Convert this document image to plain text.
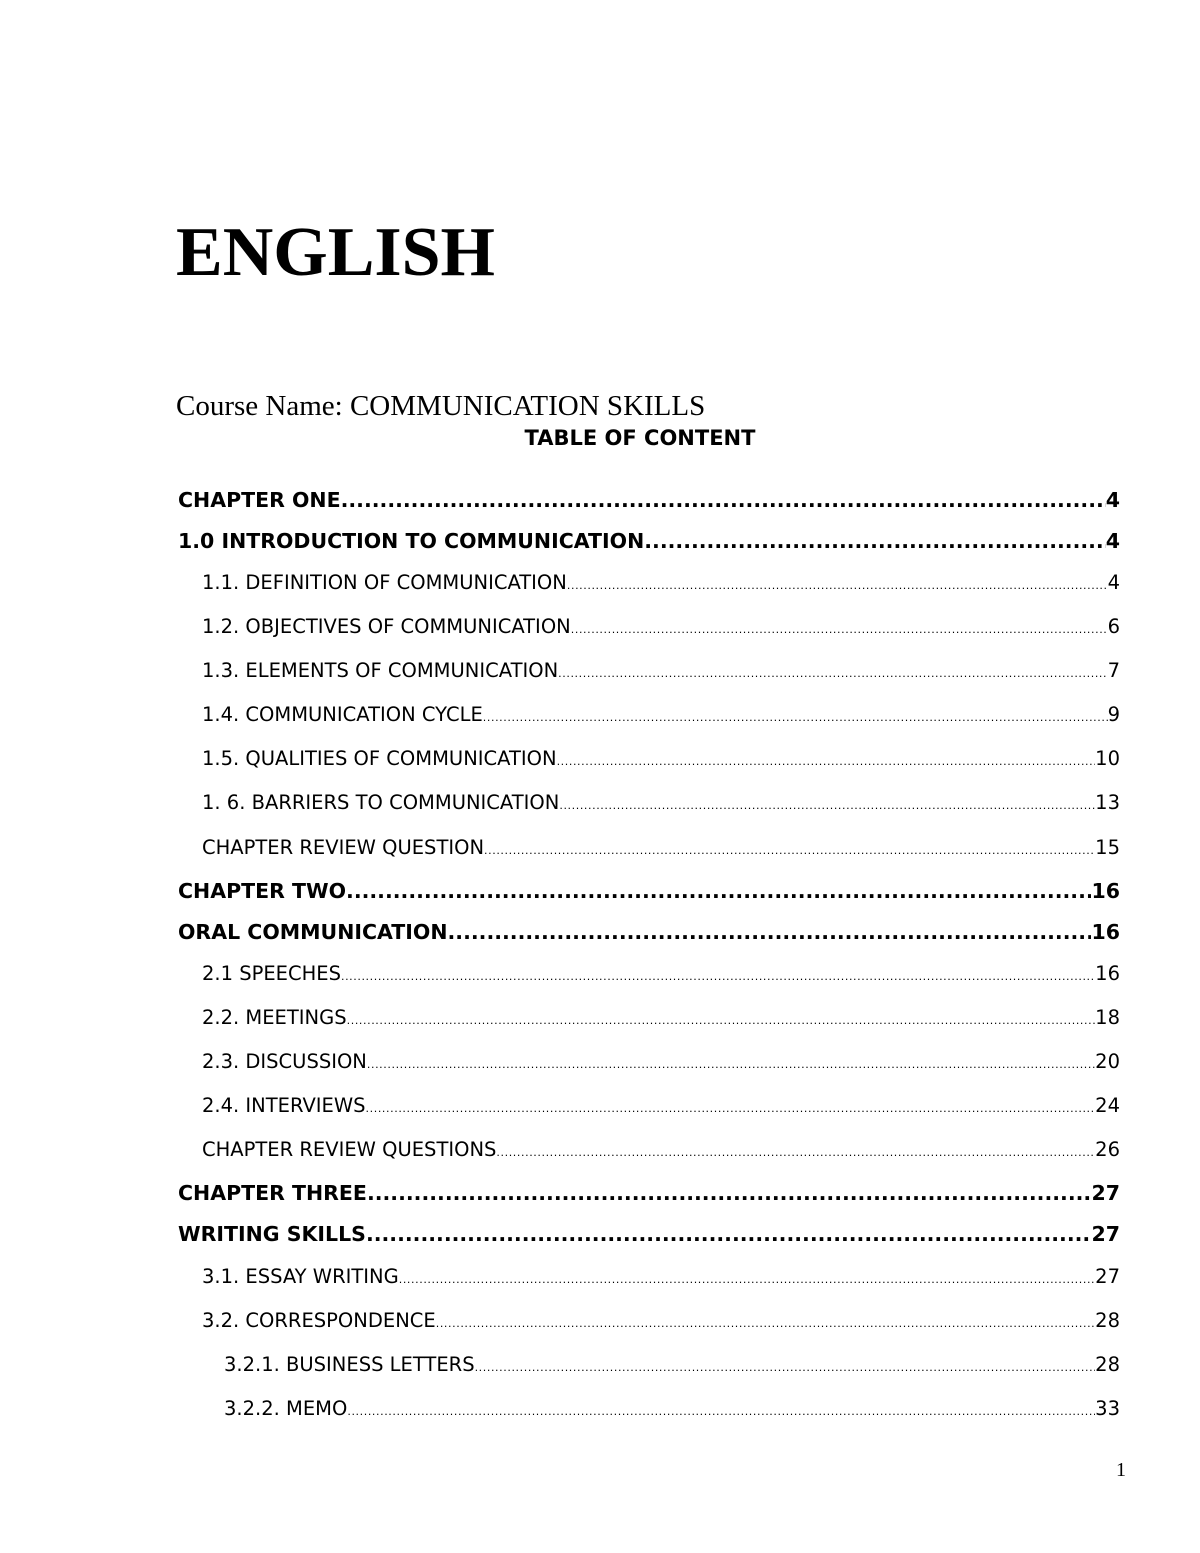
ENGLISH
Course Name: COMMUNICATION SKILLS
TABLE OF CONTENT
CHAPTER ONE .....	4
1.0 INTRODUCTION TO COMMUNICATION .....	4
1.1. DEFINITION OF COMMUNICATION .....	4
1.2. OBJECTIVES OF COMMUNICATION .....	6
1.3. ELEMENTS OF COMMUNICATION .....	7
1.4. COMMUNICATION CYCLE .....	9
1.5. QUALITIES OF COMMUNICATION .....	10
1. 6. BARRIERS TO COMMUNICATION .....	13
CHAPTER REVIEW QUESTION .....	15
CHAPTER TWO .....	16
ORAL COMMUNICATION .....	16
2.1 SPEECHES .....	16
2.2. MEETINGS .....	18
2.3. DISCUSSION .....	20
2.4. INTERVIEWS .....	24
CHAPTER REVIEW QUESTIONS .....	26
CHAPTER THREE .....	27
WRITING SKILLS .....	27
3.1. ESSAY WRITING .....	27
3.2. CORRESPONDENCE .....	28
3.2.1. BUSINESS LETTERS .....	28
3.2.2. MEMO .....	33
1
